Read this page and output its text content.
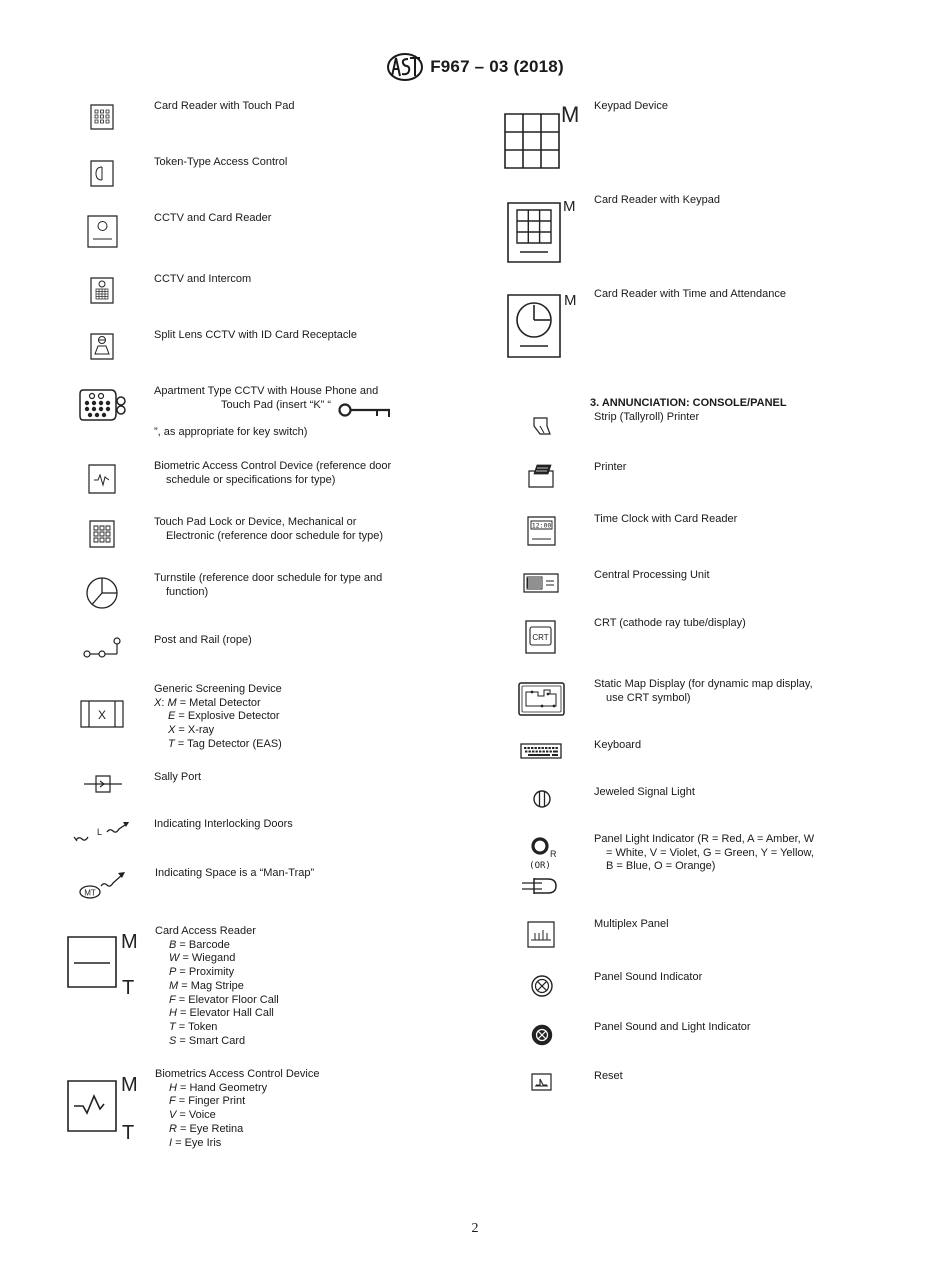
F967 – 03 (2018)
Card Reader with Touch Pad
Token-Type Access Control
CCTV and Card Reader
CCTV and Intercom
Split Lens CCTV with ID Card Receptacle
Apartment Type CCTV with House Phone and
Touch Pad (insert “K” “
”, as appropriate for key switch)
Biometric Access Control Device (reference door
schedule or specifications for type)
Touch Pad Lock or Device, Mechanical or
Electronic (reference door schedule for type)
Turnstile (reference door schedule for type and
function)
Post and Rail (rope)
X
Generic Screening Device
X: M = Metal Detector
E = Explosive Detector
X = X-ray
T = Tag Detector (EAS)
Sally Port
L
Indicating Interlocking Doors
MT
Indicating Space is a “Man-Trap”
M
T
Card Access Reader
B = Barcode
W = Wiegand
P = Proximity
M = Mag Stripe
F = Elevator Floor Call
H = Elevator Hall Call
T = Token
S = Smart Card
M
T
Biometrics Access Control Device
H = Hand Geometry
F = Finger Print
V = Voice
R = Eye Retina
I = Eye Iris
M Keypad Device
M Card Reader with Keypad
M Card Reader with Time and Attendance
3. ANNUNCIATION: CONSOLE/PANEL
Strip (Tallyroll) Printer
Printer
12:00
Time Clock with Card Reader
Central Processing Unit
CRT
CRT (cathode ray tube/display)
Static Map Display (for dynamic map display,
use CRT symbol)
Keyboard
Jeweled Signal Light
R
(OR)
Panel Light Indicator (R = Red, A = Amber, W
= White, V = Violet, G = Green, Y = Yellow,
B = Blue, O = Orange)
Multiplex Panel
Panel Sound Indicator
Panel Sound and Light Indicator
Reset
2
